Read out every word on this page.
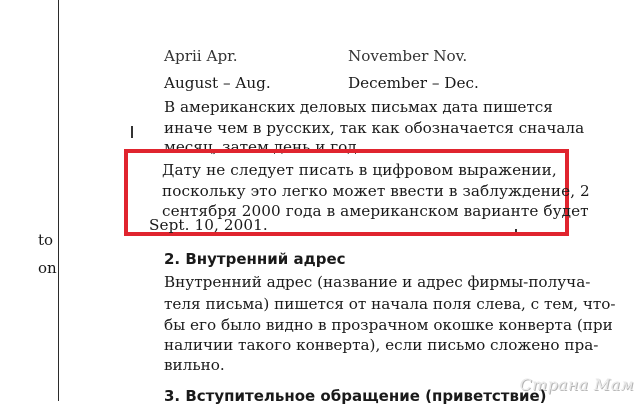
to
on
Aprii Apr.	November Nov.
August – Aug.	December – Dec.
В американских деловых письмах дата пишется
иначе чем в русских, так как обозначается сначала
месяц, затем день и год.
Дату не следует писать в цифровом выражении,
поскольку это легко может ввести в заблуждение, 2
сентября 2000 года в американском варианте будет
Sept. 10, 2001.
2. Внутренний адрес
Внутренний адрес (название и адрес фирмы-получа-
теля письма) пишется от начала поля слева, с тем, что-
бы его было видно в прозрачном окошке конверта (при
наличии такого конверта), если письмо сложено пра-
вильно.
3. Вступительное обращение (приветствие)
Страна Мам
